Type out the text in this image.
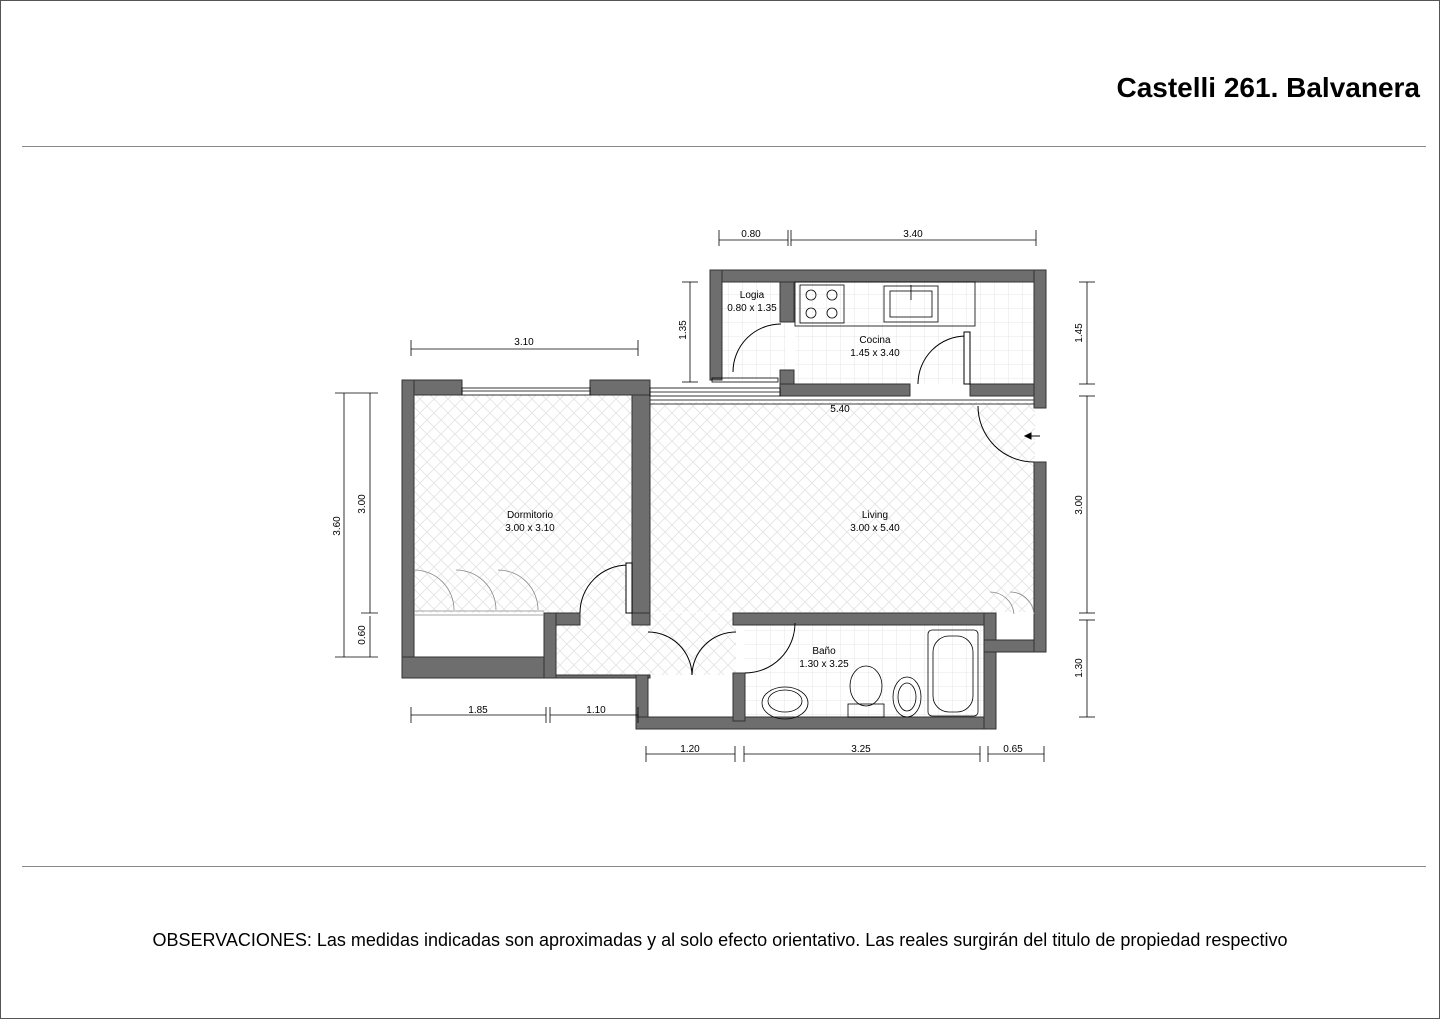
Castelli 261. Balvanera
Logia
0.80 x 1.35
Cocina
1.45 x 3.40
Dormitorio
3.00 x 3.10
Living
3.00 x 5.40
Baño
1.30 x 3.25
0.80	3.40
3.10
5.40
3.60
3.00
0.60
1.35	1.45
3.00
1.30
1.85	1.10
1.20	3.25	0.65
OBSERVACIONES: Las medidas indicadas son aproximadas y al solo efecto orientativo. Las reales surgirán del titulo de propiedad respectivo
